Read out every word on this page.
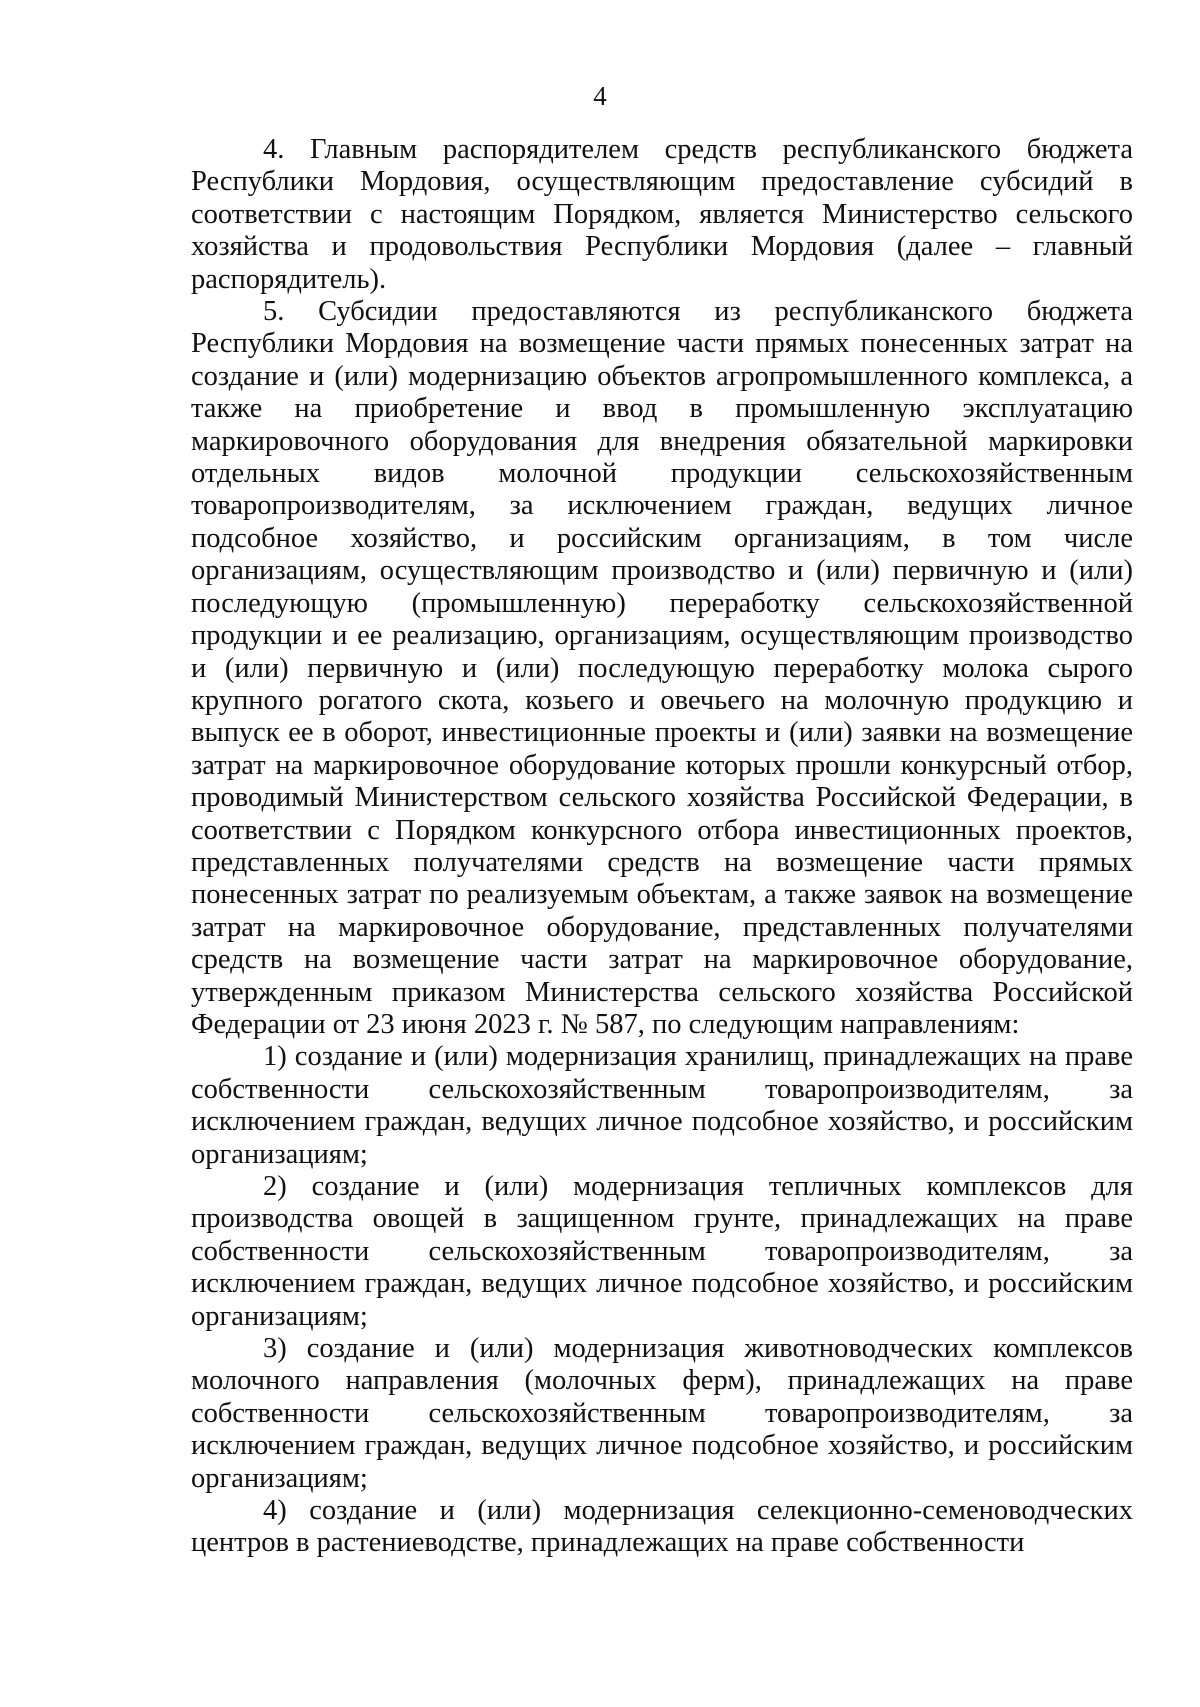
4

4. Главным распорядителем средств республиканского бюджета Республики Мордовия, осуществляющим предоставление субсидий в соответствии с настоящим Порядком, является Министерство сельского хозяйства и продовольствия Республики Мордовия (далее – главный распорядитель).

5. Субсидии предоставляются из республиканского бюджета Республики Мордовия на возмещение части прямых понесенных затрат на создание и (или) модернизацию объектов агропромышленного комплекса, а также на приобретение и ввод в промышленную эксплуатацию маркировочного оборудования для внедрения обязательной маркировки отдельных видов молочной продукции сельскохозяйственным товаропроизводителям, за исключением граждан, ведущих личное подсобное хозяйство, и российским организациям, в том числе организациям, осуществляющим производство и (или) первичную и (или) последующую (промышленную) переработку сельскохозяйственной продукции и ее реализацию, организациям, осуществляющим производство и (или) первичную и (или) последующую переработку молока сырого крупного рогатого скота, козьего и овечьего на молочную продукцию и выпуск ее в оборот, инвестиционные проекты и (или) заявки на возмещение затрат на маркировочное оборудование которых прошли конкурсный отбор, проводимый Министерством сельского хозяйства Российской Федерации, в соответствии с Порядком конкурсного отбора инвестиционных проектов, представленных получателями средств на возмещение части прямых понесенных затрат по реализуемым объектам, а также заявок на возмещение затрат на маркировочное оборудование, представленных получателями средств на возмещение части затрат на маркировочное оборудование, утвержденным приказом Министерства сельского хозяйства Российской Федерации от 23 июня 2023 г. № 587, по следующим направлениям:

1) создание и (или) модернизация хранилищ, принадлежащих на праве собственности сельскохозяйственным товаропроизводителям, за исключением граждан, ведущих личное подсобное хозяйство, и российским организациям;

2) создание и (или) модернизация тепличных комплексов для производства овощей в защищенном грунте, принадлежащих на праве собственности сельскохозяйственным товаропроизводителям, за исключением граждан, ведущих личное подсобное хозяйство, и российским организациям;

3) создание и (или) модернизация животноводческих комплексов молочного направления (молочных ферм), принадлежащих на праве собственности сельскохозяйственным товаропроизводителям, за исключением граждан, ведущих личное подсобное хозяйство, и российским организациям;

4) создание и (или) модернизация селекционно-семеноводческих центров в растениеводстве, принадлежащих на праве собственности
